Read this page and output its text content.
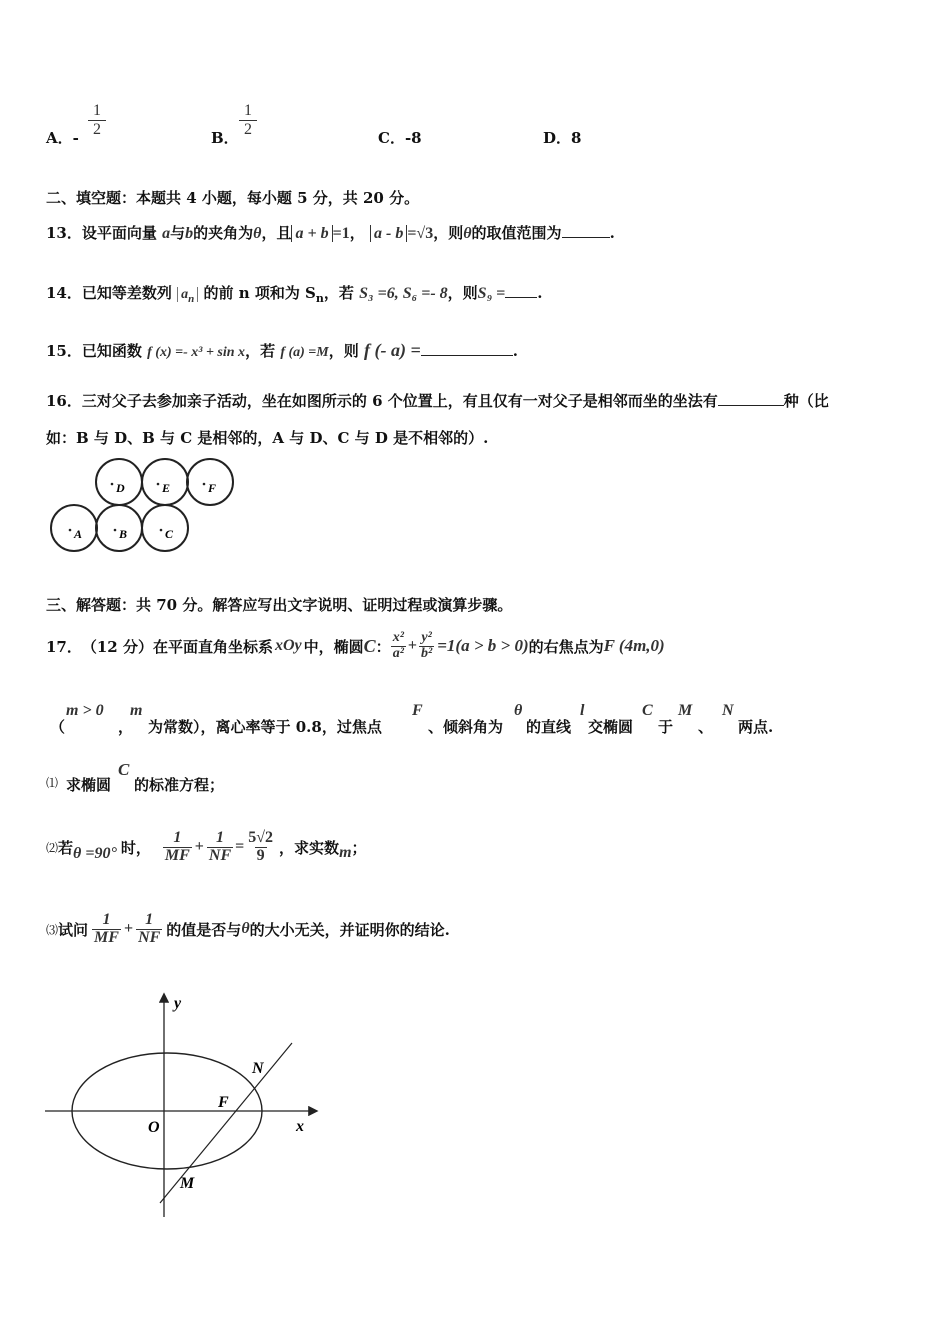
A．- $\frac{1}{2}$	B． $\frac{1}{2}$	C．-8	D．8
二、填空题：本题共 4 小题，每小题 5 分，共 20 分。
13．设平面向量 a与b的夹角为θ，且 a + b =1， a - b =√3，则θ的取值范围为	.
14．已知等差数列 $a_n$ 的前 n 项和为 $S_n$，若 S₃ =6, S₆ =- 8，则S₉ = .
15．已知函数 f (x) =- x³ + sin x，若 f (a) =M，则 f (- a) =	.
16．三对父子去参加亲子活动，坐在如图所示的 6 个位置上，有且仅有一对父子是相邻而坐的坐法有	种（比
如：B 与 D、B 与 C 是相邻的，A 与 D、C 与 D 是不相邻的）.
D	E	F
A	B	C
三、解答题：共 70 分。解答应写出文字说明、证明过程或演算步骤。
17． （12 分）在平面直角坐标系 xOy 中，椭圆 C ： $\frac{\text{x²}}{\text{a²}} + \frac{\text{y²}}{\text{b²}} =1(a > b > 0)$ 的右焦点为 F (4m,0)
（
m > 0
，
m
为常数），离心率等于 0.8，过焦点
F
、倾斜角为
θ
的直线
l
交椭圆
C
于
M
、
N
两点.
⑴ 求椭圆
C
的标准方程；
⑵ 若 θ =90° 时， $\frac{1}{MF} + \frac{1}{NF} = \frac{5√2}{9}$ ，求实数 m ；
⑶ 试问 $\frac{1}{MF} + \frac{1}{NF}$ 的值是否与 θ 的大小无关，并证明你的结论.
y
x
O
F
N
M
